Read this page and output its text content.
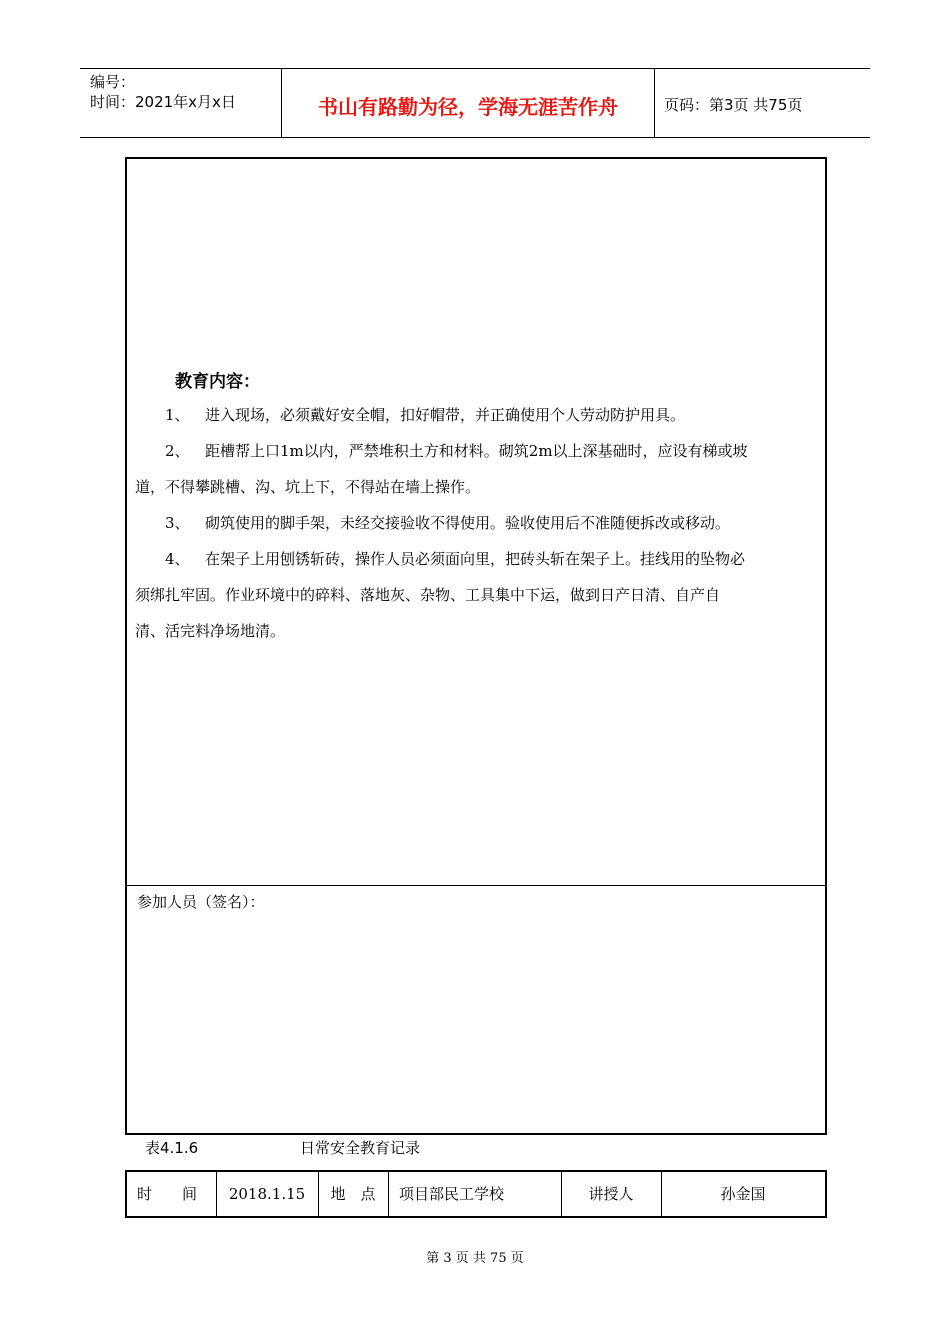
编号：
时间：2021年x月x日	书山有路勤为径，学海无涯苦作舟	页码：第3页 共75页
教育内容：

1、 进入现场，必须戴好安全帽，扣好帽带，并正确使用个人劳动防护用具。

2、 距槽帮上口1m以内，严禁堆积土方和材料。砌筑2m以上深基础时，应设有梯或坡

道，不得攀跳槽、沟、坑上下，不得站在墙上操作。

3、 砌筑使用的脚手架，未经交接验收不得使用。验收使用后不准随便拆改或移动。

4、 在架子上用刨锈斩砖，操作人员必须面向里，把砖头斩在架子上。挂线用的坠物必

须绑扎牢固。作业环境中的碎料、落地灰、杂物、工具集中下运，做到日产日清、自产自
清、活完料净场地清。

参加人员（签名）：
表4.1.6	日常安全教育记录
时　　间	2018.1.15	地　点	项目部民工学校	讲授人	孙金国
第 3 页 共 75 页
